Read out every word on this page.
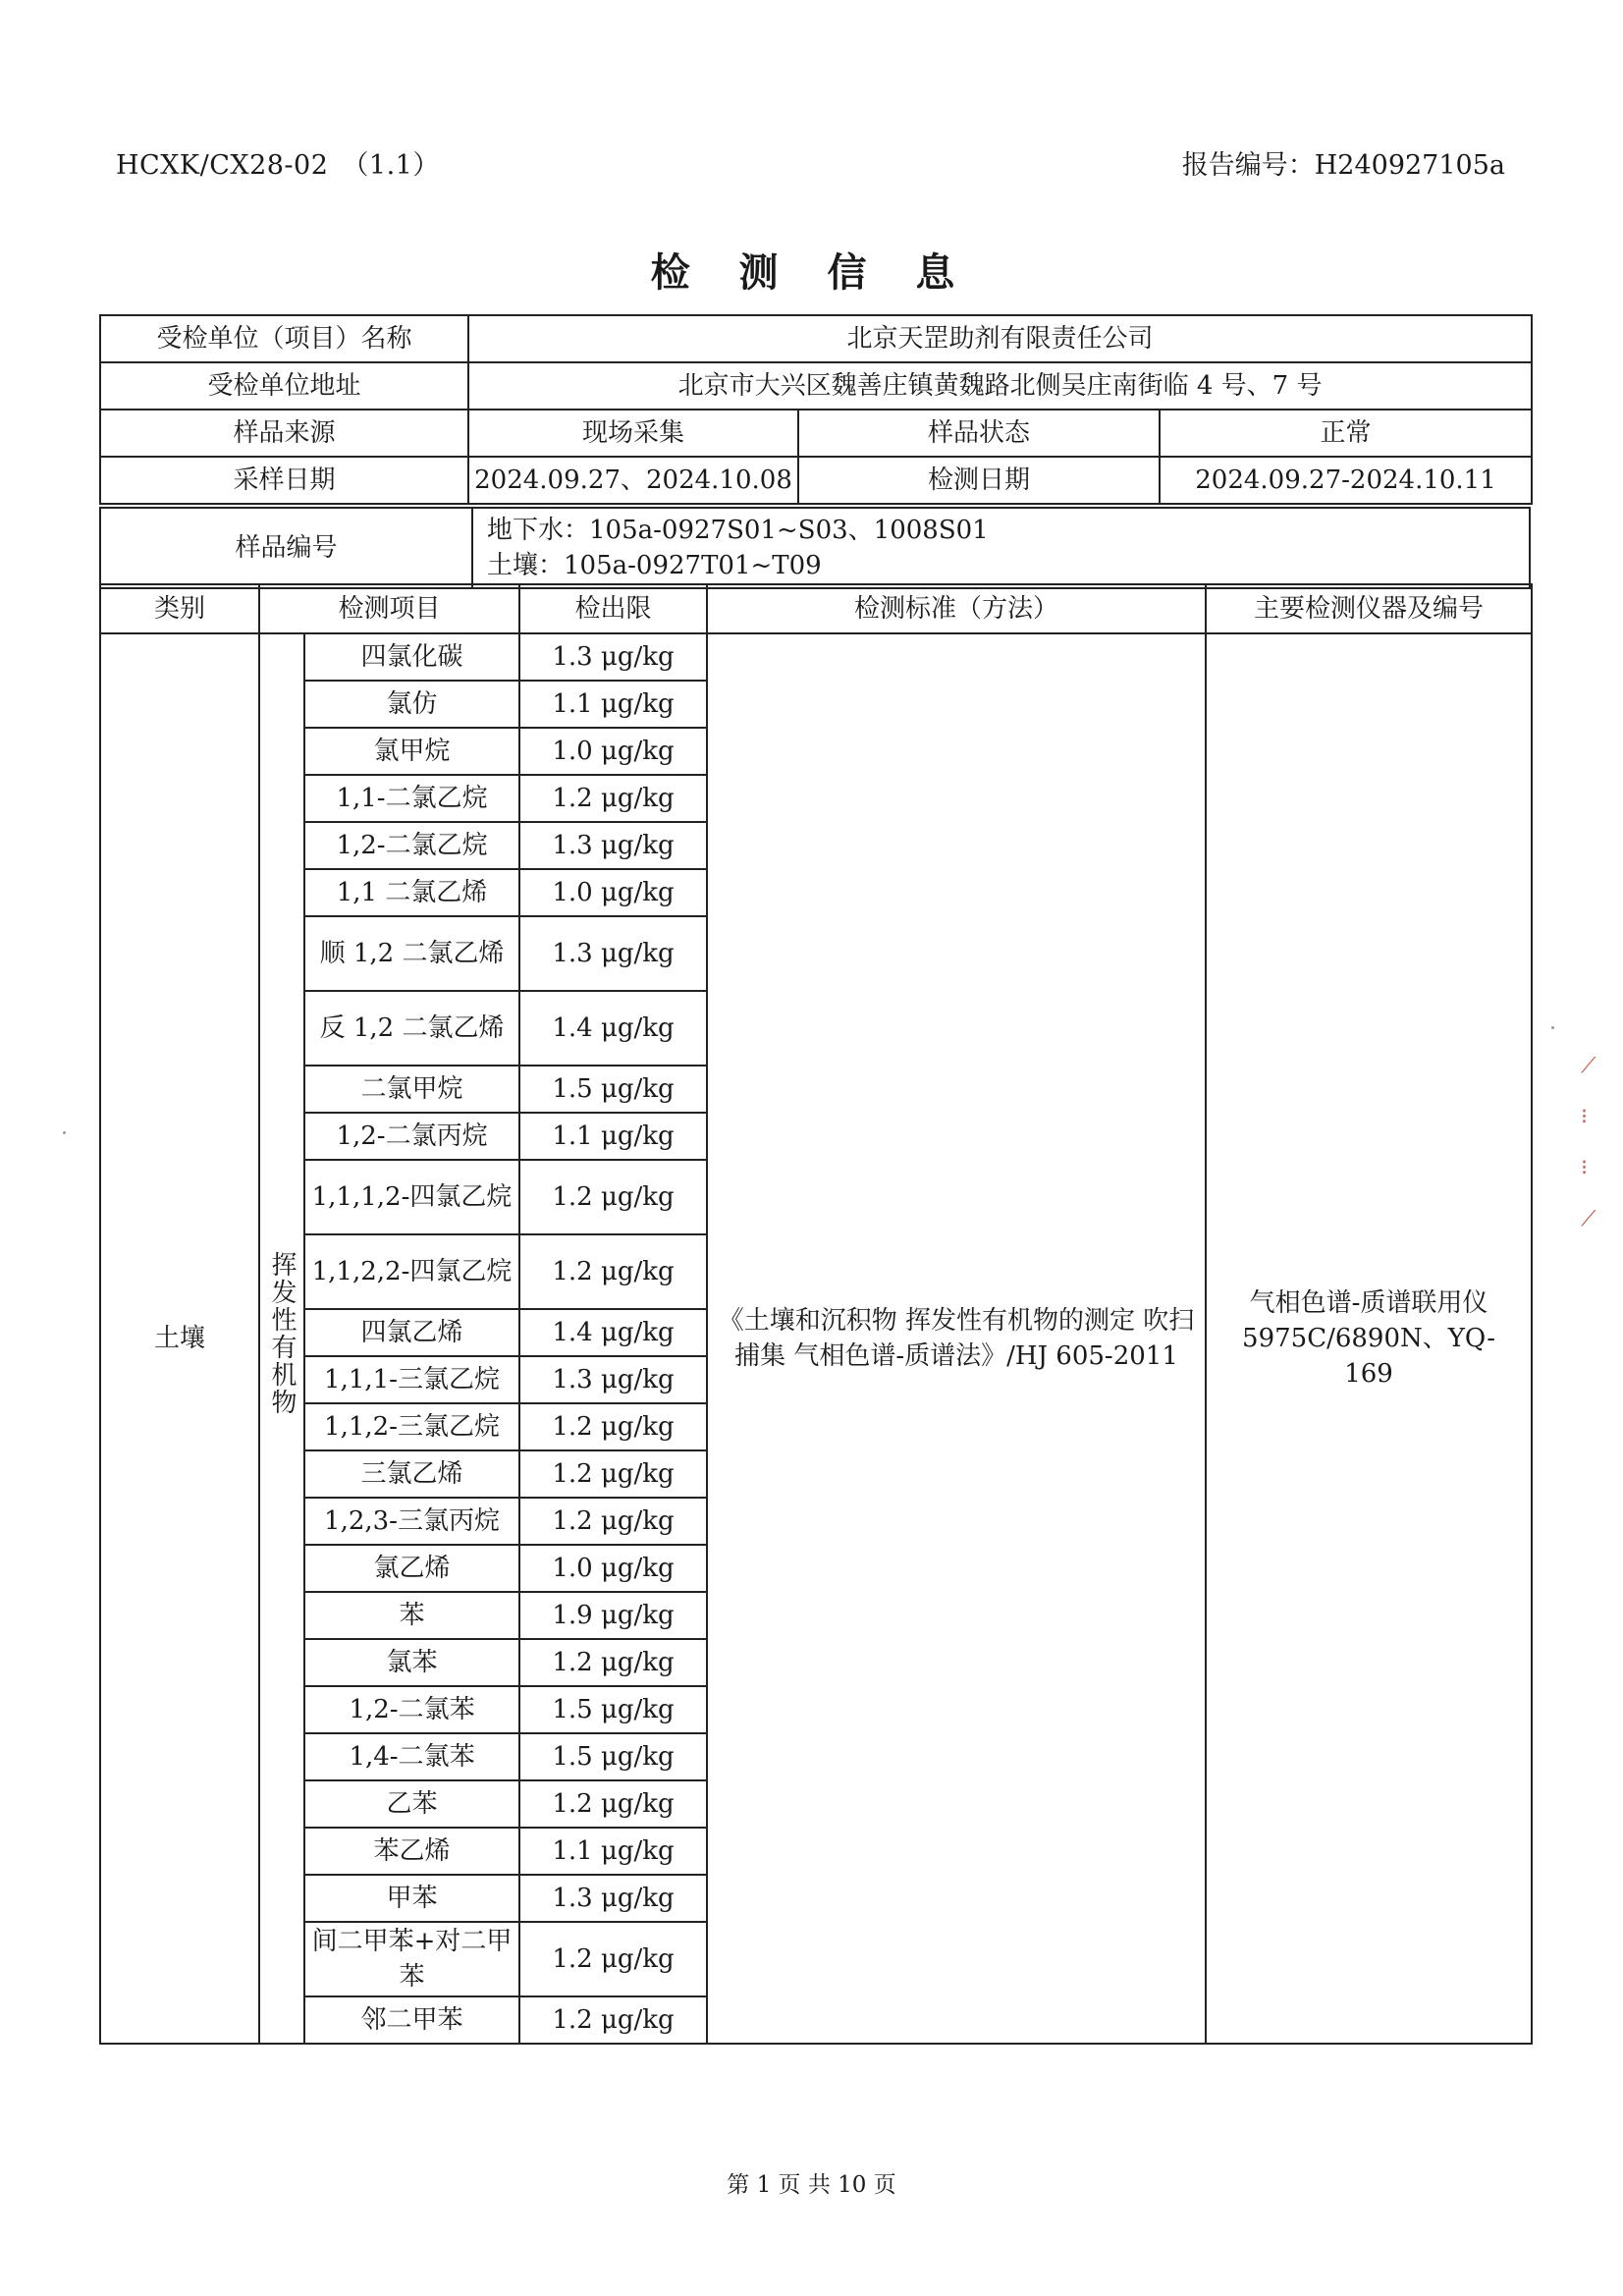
HCXK/CX28-02　（1.1）	报告编号：H240927105a
检 测 信 息
受检单位（项目）名称	北京天罡助剂有限责任公司		
受检单位地址	北京市大兴区魏善庄镇黄魏路北侧吴庄南街临 4 号、7 号		
样品来源	现场采集	样品状态	正常
采样日期	2024.09.27、2024.10.08	检测日期	2024.09.27-2024.10.11
样品编号	
地下水：105a-0927S01~S03、1008S01
土壤：105a-0927T01~T09
类别	检测项目		检出限	检测标准（方法）	主要检测仪器及编号
土壤	挥发性有机物	四氯化碳	1.3 μg/kg	《土壤和沉积物 挥发性有机物的测定 吹扫捕集 气相色谱-质谱法》/HJ 605-2011	气相色谱-质谱联用仪 5975C/6890N、YQ-169
		氯仿	1.1 μg/kg		
		氯甲烷	1.0 μg/kg		
		1,1-二氯乙烷	1.2 μg/kg		
		1,2-二氯乙烷	1.3 μg/kg		
		1,1 二氯乙烯	1.0 μg/kg		
		顺 1,2 二氯乙烯	1.3 μg/kg		
		反 1,2 二氯乙烯	1.4 μg/kg		
		二氯甲烷	1.5 μg/kg		
		1,2-二氯丙烷	1.1 μg/kg		
		1,1,1,2-四氯乙烷	1.2 μg/kg		
		1,1,2,2-四氯乙烷	1.2 μg/kg		
		四氯乙烯	1.4 μg/kg		
		1,1,1-三氯乙烷	1.3 μg/kg		
		1,1,2-三氯乙烷	1.2 μg/kg		
		三氯乙烯	1.2 μg/kg		
		1,2,3-三氯丙烷	1.2 μg/kg		
		氯乙烯	1.0 μg/kg		
		苯	1.9 μg/kg		
		氯苯	1.2 μg/kg		
		1,2-二氯苯	1.5 μg/kg		
		1,4-二氯苯	1.5 μg/kg		
		乙苯	1.2 μg/kg		
		苯乙烯	1.1 μg/kg		
		甲苯	1.3 μg/kg		
		间二甲苯+对二甲苯	1.2 μg/kg		
		邻二甲苯	1.2 μg/kg		
⟋
⁝
⁝
⟋
第 1 页 共 10 页
